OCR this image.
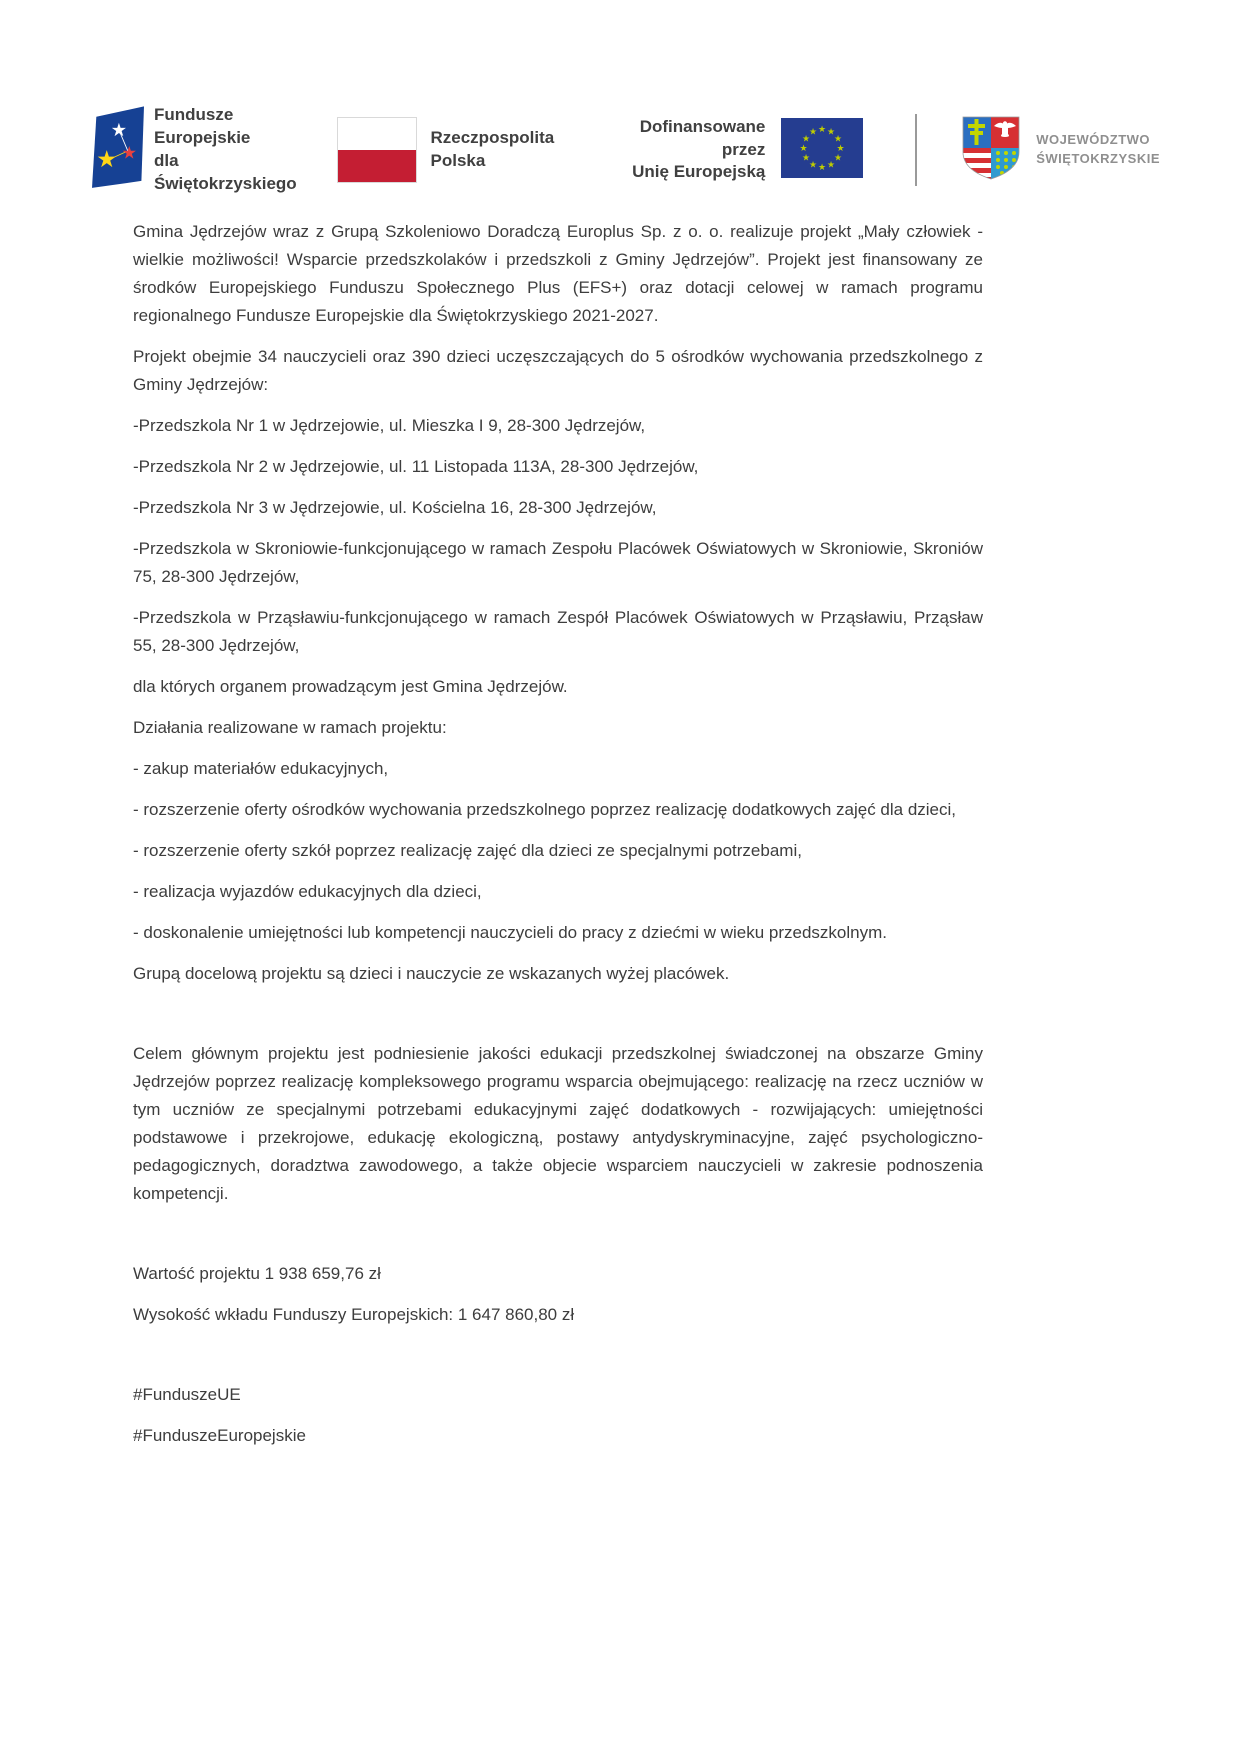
★
★ ★
Fundusze Europejskie
dla Świętokrzyskiego
Rzeczpospolita
Polska
Dofinansowane przez
Unię Europejską
★ ★
★
★
★
★
★
★
★
★
★
★
WOJEWÓDZTWO
ŚWIĘTOKRZYSKIE

Gmina Jędrzejów wraz z Grupą Szkoleniowo Doradczą Europlus Sp. z o. o. realizuje projekt „Mały człowiek - wielkie możliwości! Wsparcie przedszkolaków i przedszkoli z Gminy Jędrzejów”. Projekt jest finansowany ze środków Europejskiego Funduszu Społecznego Plus (EFS+) oraz dotacji celowej w ramach programu regionalnego Fundusze Europejskie dla Świętokrzyskiego 2021-2027.

Projekt obejmie 34 nauczycieli oraz 390 dzieci uczęszczających do 5 ośrodków wychowania przedszkolnego z Gminy Jędrzejów:

-Przedszkola Nr 1 w Jędrzejowie, ul. Mieszka I 9, 28-300 Jędrzejów,

-Przedszkola Nr 2 w Jędrzejowie, ul. 11 Listopada 113A, 28-300 Jędrzejów,

-Przedszkola Nr 3 w Jędrzejowie, ul. Kościelna 16, 28-300 Jędrzejów,

-Przedszkola w Skroniowie-funkcjonującego w ramach Zespołu Placówek Oświatowych w Skroniowie, Skroniów 75, 28-300 Jędrzejów,

-Przedszkola w Prząsławiu-funkcjonującego w ramach Zespół Placówek Oświatowych w Prząsławiu, Prząsław 55, 28-300 Jędrzejów,

dla których organem prowadzącym jest Gmina Jędrzejów.

Działania realizowane w ramach projektu:

- zakup materiałów edukacyjnych,

- rozszerzenie oferty ośrodków wychowania przedszkolnego poprzez realizację dodatkowych zajęć dla dzieci,

- rozszerzenie oferty szkół poprzez realizację zajęć dla dzieci ze specjalnymi potrzebami,

- realizacja wyjazdów edukacyjnych dla dzieci,

- doskonalenie umiejętności lub kompetencji nauczycieli do pracy z dziećmi w wieku przedszkolnym.

Grupą docelową projektu są dzieci i nauczycie ze wskazanych wyżej placówek.

Celem głównym projektu jest podniesienie jakości edukacji przedszkolnej świadczonej na obszarze Gminy Jędrzejów poprzez realizację kompleksowego programu wsparcia obejmującego: realizację na rzecz uczniów w tym uczniów ze specjalnymi potrzebami edukacyjnymi zajęć dodatkowych - rozwijających: umiejętności podstawowe i przekrojowe, edukację ekologiczną, postawy antydyskryminacyjne, zajęć psychologiczno-pedagogicznych, doradztwa zawodowego, a także objecie wsparciem nauczycieli w zakresie podnoszenia kompetencji.

Wartość projektu 1 938 659,76 zł

Wysokość wkładu Funduszy Europejskich: 1 647 860,80 zł

#FunduszeUE

#FunduszeEuropejskie
